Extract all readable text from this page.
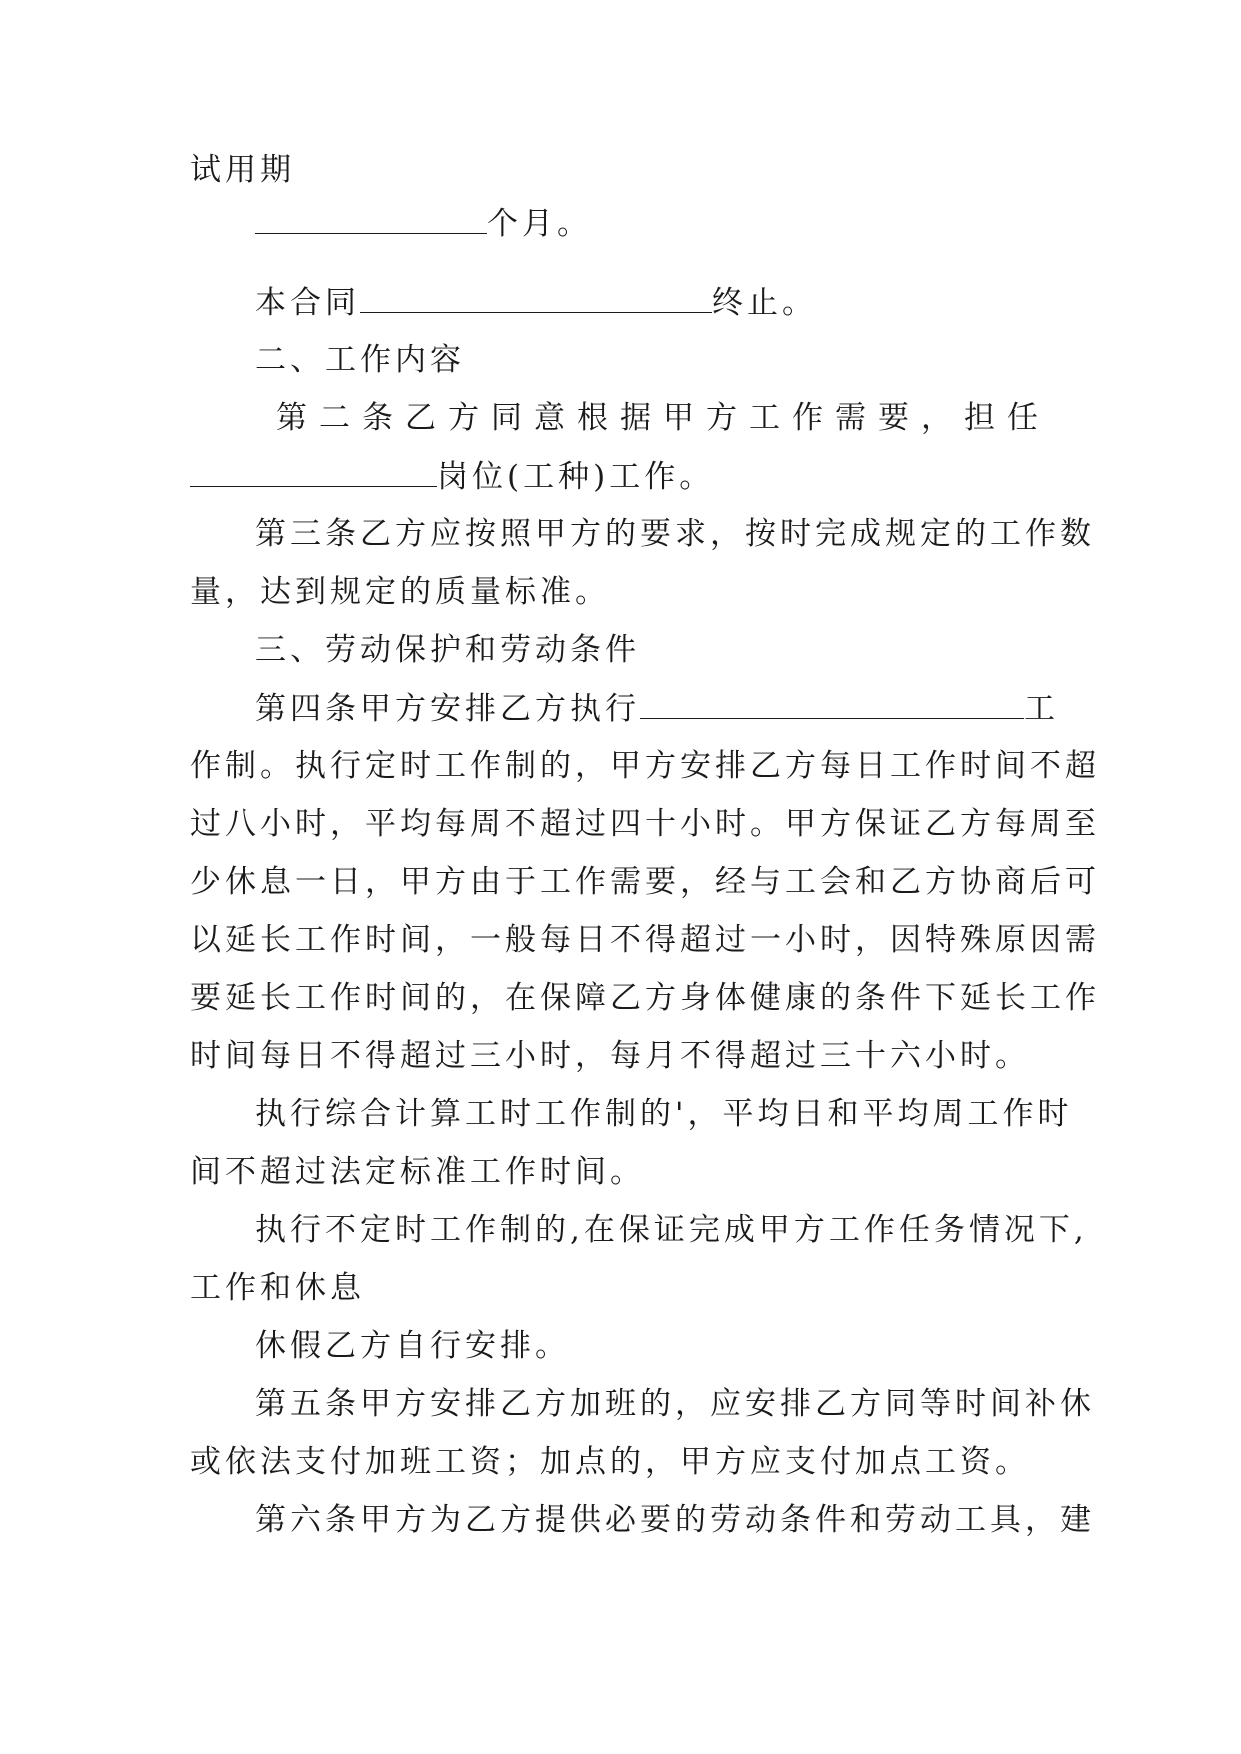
试用期
个月。
本合同	终止。
二、工作内容
第 二 条 乙 方 同 意 根 据 甲 方 工 作 需 要 ， 担 任
岗位(工种)工作。
第三条乙方应按照甲方的要求，按时完成规定的工作数
量，达到规定的质量标准。
三、劳动保护和劳动条件
第四条甲方安排乙方执行	工
作制。执行定时工作制的，甲方安排乙方每日工作时间不超
过八小时，平均每周不超过四十小时。甲方保证乙方每周至
少休息一日，甲方由于工作需要，经与工会和乙方协商后可
以延长工作时间，一般每日不得超过一小时，因特殊原因需
要延长工作时间的，在保障乙方身体健康的条件下延长工作
时间每日不得超过三小时，每月不得超过三十六小时。
执行综合计算工时工作制的'，平均日和平均周工作时
间不超过法定标准工作时间。
执行不定时工作制的,在保证完成甲方工作任务情况下,
工作和休息
休假乙方自行安排。
第五条甲方安排乙方加班的，应安排乙方同等时间补休
或依法支付加班工资；加点的，甲方应支付加点工资。
第六条甲方为乙方提供必要的劳动条件和劳动工具，建
